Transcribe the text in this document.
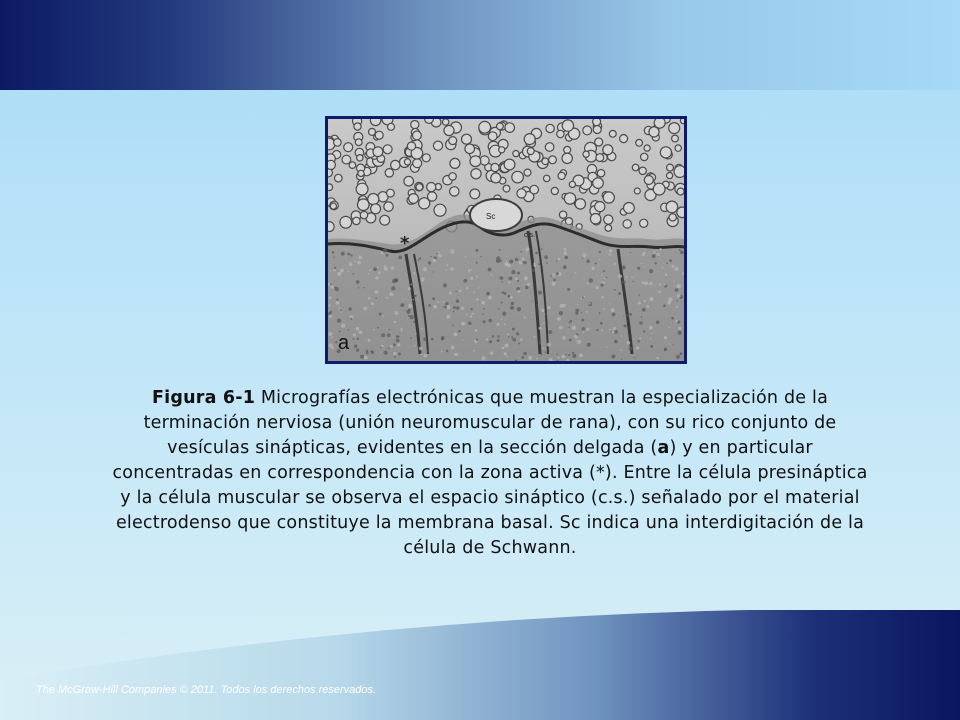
Sc
c.s.
*
a
Figura 6-1 Micrografías electrónicas que muestran la especialización de la terminación nerviosa (unión neuromuscular de rana), con su rico conjunto de vesículas sinápticas, evidentes en la sección delgada (a) y en particular concentradas en correspondencia con la zona activa (*). Entre la célula presináptica y la célula muscular se observa el espacio sináptico (c.s.) señalado por el material electrodenso que constituye la membrana basal. Sc indica una interdigitación de la célula de Schwann.
The McGraw-Hill Companies © 2011. Todos los derechos reservados.
